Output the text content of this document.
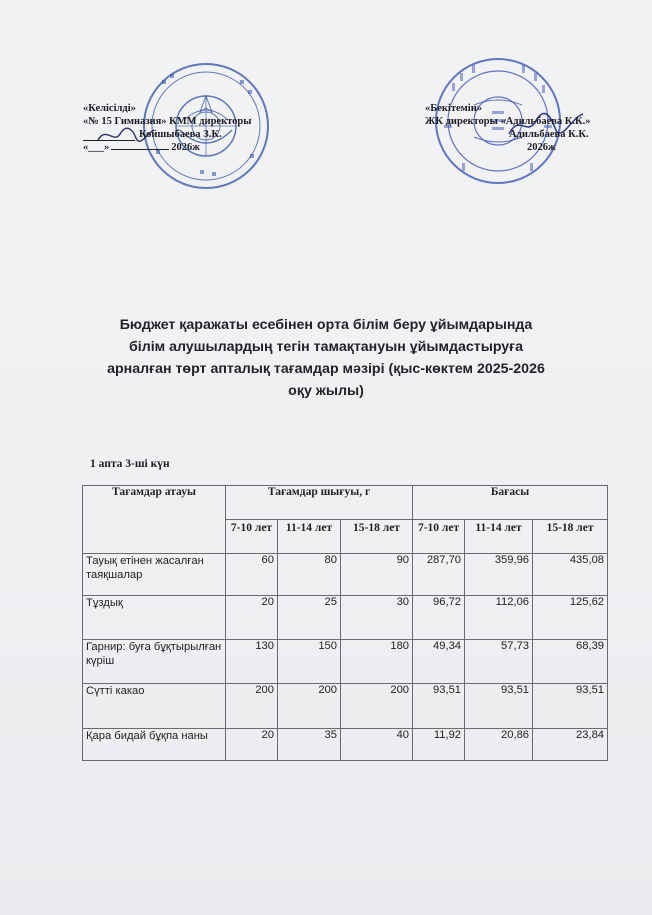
«Келісілді»
«№ 15 Гимназия» КММ директоры
Койшыбаева З.К.
«___»	2026ж
«Бекітемін»
ЖК директоры «Адильбаева К.К.»
Адильбаева К.К.
2026ж
Бюджет қаражаты есебінен орта білім беру ұйымдарында білім алушылардың тегін тамақтануын ұйымдастыруға арналған төрт апталық тағамдар мәзірі (қыс-көктем 2025-2026 оқу жылы)
1 апта 3-ші күн
Тағамдар атауы	Тағамдар шығуы, г			Бағасы		
	7-10 лет	11-14 лет	15-18 лет	7-10 лет	11-14 лет	15-18 лет
Тауық етінен жасалған таяқшалар	60	80	90	287,70	359,96	435,08
Тұздық	20	25	30	96,72	112,06	125,62
Гарнир: буға бұқтырылған күріш	130	150	180	49,34	57,73	68,39
Сүтті какао	200	200	200	93,51	93,51	93,51
Қара бидай бұқпа наны	20	35	40	11,92	20,86	23,84
